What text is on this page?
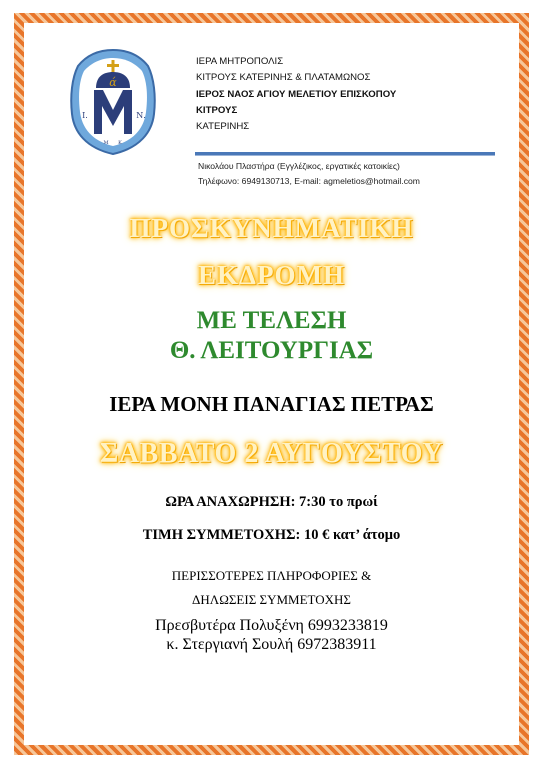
ά
Ι.	Ν.
Μ Κ
ΙΕΡΑ ΜΗΤΡΟΠΟΛΙΣ
ΚΙΤΡΟΥΣ ΚΑΤΕΡΙΝΗΣ & ΠΛΑΤΑΜΩΝΟΣ
ΙΕΡΟΣ ΝΑΟΣ ΑΓΙΟΥ ΜΕΛΕΤΙΟΥ ΕΠΙΣΚΟΠΟΥ
ΚΙΤΡΟΥΣ
ΚΑΤΕΡΙΝΗΣ
Νικολάου Πλαστήρα (Εγγλέζικος, εργατικές κατοικίες)
Τηλέφωνο: 6949130713, E-mail: agmeletios@hotmail.com
ΠΡΟΣΚΥΝΗΜΑΤΙΚΗ
ΕΚΔΡΟΜΗ
ΜΕ ΤΕΛΕΣΗ
Θ. ΛΕΙΤΟΥΡΓΙΑΣ
ΙΕΡΑ ΜΟΝΗ ΠΑΝΑΓΙΑΣ ΠΕΤΡΑΣ
ΣΑΒΒΑΤΟ 2 ΑΥΓΟΥΣΤΟΥ
ΩΡΑ ΑΝΑΧΩΡΗΣΗ: 7:30 το πρωί
ΤΙΜΗ ΣΥΜΜΕΤΟΧΗΣ: 10 € κατ’ άτομο
ΠΕΡΙΣΣΟΤΕΡΕΣ ΠΛΗΡΟΦΟΡΙΕΣ &
ΔΗΛΩΣΕΙΣ ΣΥΜΜΕΤΟΧΗΣ
Πρεσβυτέρα Πολυξένη 6993233819
κ. Στεργιανή Σουλή 6972383911
